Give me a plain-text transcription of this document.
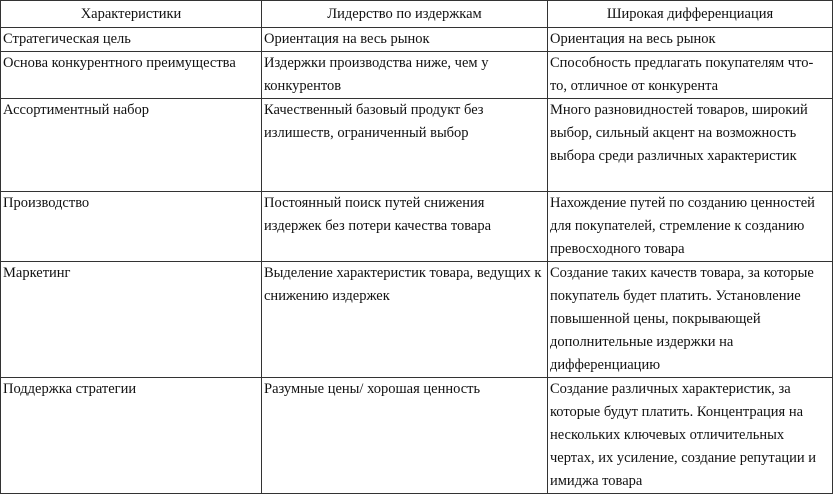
Характеристики	Лидерство по издержкам	Широкая дифференциация
Стратегическая цель	Ориентация на весь рынок	Ориентация на весь рынок
Основа конкурентного преимущества	Издержки производства ниже, чем у конкурентов	Способность предлагать покупателям что-то, отличное от конкурента
Ассортиментный набор	Качественный базовый продукт без излишеств, ограниченный выбор	Много разновидностей товаров, широкий выбор, сильный акцент на возможность выбора среди различных характеристик
Производство	Постоянный поиск путей снижения издержек без потери качества товара	Нахождение путей по созданию ценностей для покупателей, стремление к созданию превосходного товара
Маркетинг	Выделение характеристик товара, ведущих к снижению издержек	Создание таких качеств товара, за которые покупатель будет платить. Установление повышенной цены, покрывающей дополнительные издержки на дифференциацию
Поддержка стратегии	Разумные цены/ хорошая ценность	Создание различных характеристик, за которые будут платить. Концентрация на нескольких ключевых отличительных чертах, их усиление, создание репутации и имиджа товара
